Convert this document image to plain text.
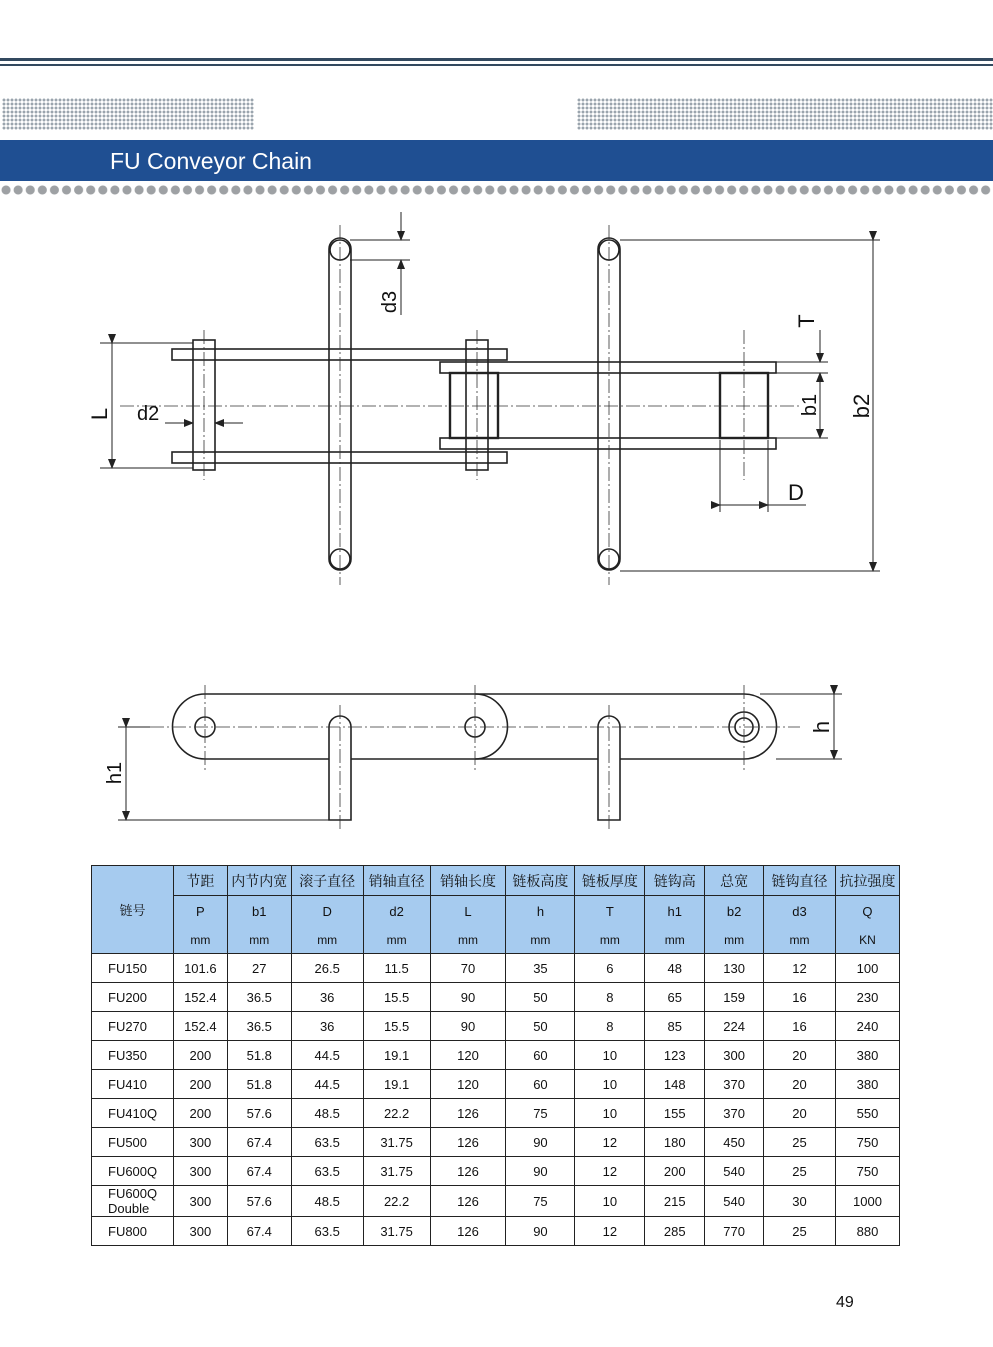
FU Conveyor Chain
L d2
d3
T
b1 b2
D
h
h1
链号	节距	内节内宽	滚子直径	销轴直径	销轴长度	链板高度	链板厚度	链钩高	总宽	链钩直径	抗拉强度
	P	b1	D	d2	L	h	T	h1	b2	d3	Q
	mm	mm	mm	mm	mm	mm	mm	mm	mm	mm	KN
FU150	101.6	27	26.5	11.5	70	35	6	48	130	12	100
FU200	152.4	36.5	36	15.5	90	50	8	65	159	16	230
FU270	152.4	36.5	36	15.5	90	50	8	85	224	16	240
FU350	200	51.8	44.5	19.1	120	60	10	123	300	20	380
FU410	200	51.8	44.5	19.1	120	60	10	148	370	20	380
FU410Q	200	57.6	48.5	22.2	126	75	10	155	370	20	550
FU500	300	67.4	63.5	31.75	126	90	12	180	450	25	750
FU600Q	300	67.4	63.5	31.75	126	90	12	200	540	25	750
FU600Q
Double	300	57.6	48.5	22.2	126	75	10	215	540	30	1000
FU800	300	67.4	63.5	31.75	126	90	12	285	770	25	880
49
